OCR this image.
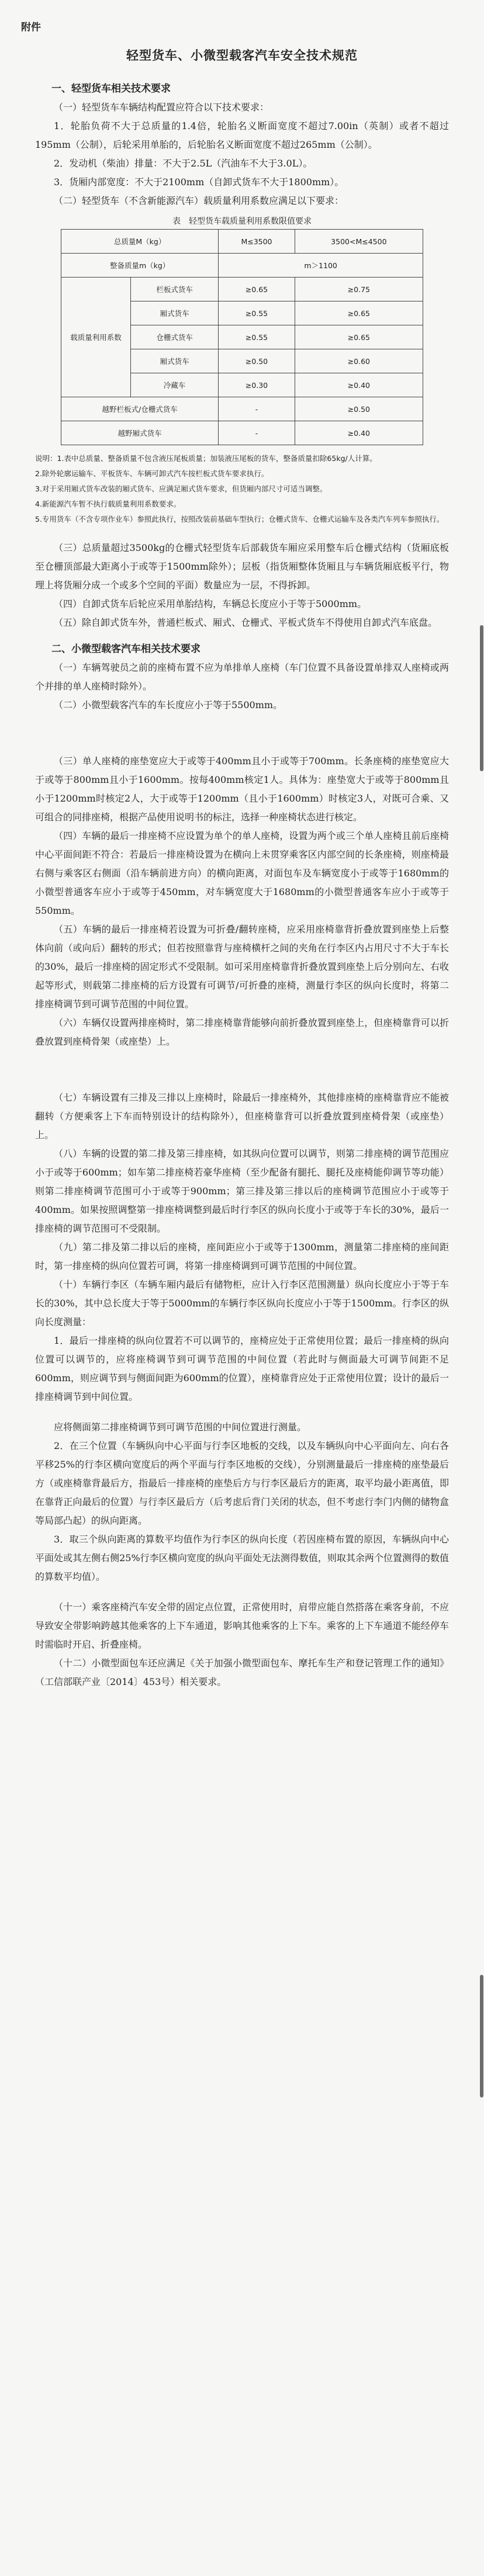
附件
轻型货车、小微型载客汽车安全技术规范
一、轻型货车相关技术要求

（一）轻型货车车辆结构配置应符合以下技术要求：

1．轮胎负荷不大于总质量的1.4倍，轮胎名义断面宽度不超过7.00in（英制）或者不超过195mm（公制），后轮采用单胎的，后轮胎名义断面宽度不超过265mm（公制）。

2．发动机（柴油）排量：不大于2.5L（汽油车不大于3.0L）。

3．货厢内部宽度：不大于2100mm（自卸式货车不大于1800mm）。

（二）轻型货车（不含新能源汽车）载质量利用系数应满足以下要求：

表　轻型货车载质量利用系数限值要求
总质量M（kg）		M≤3500	3500<M≤4500
整备质量m（kg）		m＞1100	
载质量利用系数	栏板式货车	≥0.65	≥0.75
	厢式货车	≥0.55	≥0.65
	仓栅式货车	≥0.55	≥0.65
	厢式货车	≥0.50	≥0.60
	冷藏车	≥0.30	≥0.40
越野栏板式/仓栅式货车		-	≥0.50
越野厢式货车		-	≥0.40
说明：1.表中总质量、整备质量不包含液压尾板质量；加装液压尾板的货车，整备质量扣除65kg/人计算。
2.除外轮廓运输车、平板货车、车辆可卸式汽车按栏板式货车要求执行。
3.对于采用厢式货车改装的厢式货车、应满足厢式货车要求，但货厢内部尺寸可适当调整。
4.新能源汽车暂不执行载质量利用系数要求。
5.专用货车（不含专项作业车）参照此执行，按照改装前基础车型执行；仓栅式货车、仓栅式运输车及各类汽车列车参照执行。

（三）总质量超过3500kg的仓栅式轻型货车后部载货车厢应采用整车后仓栅式结构（货厢底板至仓栅顶部最大距离小于或等于1500mm除外）；层板（指货厢整体货厢且与车辆货厢底板平行，物理上将货厢分成一个或多个空间的平面）数量应为一层，不得拆卸。

（四）自卸式货车后轮应采用单胎结构，车辆总长度应小于等于5000mm。

（五）除自卸式货车外，普通栏板式、厢式、仓栅式、平板式货车不得使用自卸式汽车底盘。

二、小微型载客汽车相关技术要求

（一）车辆驾驶员之前的座椅布置不应为单排单人座椅（车门位置不具备设置单排双人座椅或两个并排的单人座椅时除外）。

（二）小微型载客汽车的车长度应小于等于5500mm。

（三）单人座椅的座垫宽应大于或等于400mm且小于或等于700mm。长条座椅的座垫宽应大于或等于800mm且小于1600mm。按每400mm核定1人。具体为：座垫宽大于或等于800mm且小于1200mm时核定2人，大于或等于1200mm（且小于1600mm）时核定3人，对既可合乘、又可组合的同排座椅，根据产品使用说明书的标注，选择一种座椅状态进行核定。

（四）车辆的最后一排座椅不应设置为单个的单人座椅，设置为两个或三个单人座椅且前后座椅中心平面间距不符合：若最后一排座椅设置为在横向上未贯穿乘客区内部空间的长条座椅，则座椅最右侧与乘客区右侧面（沿车辆前进方向）的横向距离，对面包车及车辆宽度小于或等于1680mm的小微型普通客车应小于或等于450mm，对车辆宽度大于1680mm的小微型普通客车应小于或等于550mm。

（五）车辆的最后一排座椅若设置为可折叠/翻转座椅，应采用座椅靠背折叠放置到座垫上后整体向前（或向后）翻转的形式；但若按照靠背与座椅横杆之间的夹角在行李区内占用尺寸不大于车长的30%，最后一排座椅的固定形式不受限制。如可采用座椅靠背折叠放置到座垫上后分别向左、右收起等形式，则载第二排座椅的后方设置有可调节/可折叠的座椅，测量行李区的纵向长度时，将第二排座椅调节到可调节范围的中间位置。

（六）车辆仅设置两排座椅时，第二排座椅靠背能够向前折叠放置到座垫上，但座椅靠背可以折叠放置到座椅骨架（或座垫）上。

（七）车辆设置有三排及三排以上座椅时，除最后一排座椅外，其他排座椅的座椅靠背应不能被翻转（方便乘客上下车而特别设计的结构除外），但座椅靠背可以折叠放置到座椅骨架（或座垫）上。

（八）车辆的设置的第二排及第三排座椅，如其纵向位置可以调节，则第二排座椅的调节范围应小于或等于600mm；如车第二排座椅若豪华座椅（至少配备有腿托、腿托及座椅能仰调节等功能）则第二排座椅调节范围可小于或等于900mm；第三排及第三排以后的座椅调节范围应小于或等于400mm。如果按照调整第一排座椅调整到最后时行李区的纵向长度小于或等于车长的30%，最后一排座椅的调节范围可不受限制。

（九）第二排及第二排以后的座椅，座间距应小于或等于1300mm，测量第二排座椅的座间距时，第一排座椅的纵向位置若可调，将第一排座椅调到可调节范围的中间位置。

（十）车辆行李区（车辆车厢内最后有储物柜，应计入行李区范围测量）纵向长度应小于等于车长的30%，其中总长度大于等于5000mm的车辆行李区纵向长度应小于等于1500mm。行李区的纵向长度测量：

1．最后一排座椅的纵向位置若不可以调节的，座椅应处于正常使用位置；最后一排座椅的纵向位置可以调节的，应将座椅调节到可调节范围的中间位置（若此时与侧面最大可调节间距不足600mm，则应调节到与侧面间距为600mm的位置），座椅靠背应处于正常使用位置；设计的最后一排座椅调节到中间位置。

应将侧面第二排座椅调节到可调节范围的中间位置进行测量。

2．在三个位置（车辆纵向中心平面与行李区地板的交线，以及车辆纵向中心平面向左、向右各平移25%的行李区横向宽度后的两个平面与行李区地板的交线），分别测量最后一排座椅的座垫最后方（或座椅靠背最后方，指最后一排座椅的座垫后方与行李区最后方的距离，取平均最小距离值，即在靠背正向最后的位置）与行李区最后方（后考虑后背门关闭的状态，但不考虑行李门内侧的储物盒等局部凸起）的纵向距离。

3．取三个纵向距离的算数平均值作为行李区的纵向长度（若因座椅布置的原因，车辆纵向中心平面处或其左侧右侧25%行李区横向宽度的纵向平面处无法测得数值，则取其余两个位置测得的数值的算数平均值）。

（十一）乘客座椅汽车安全带的固定点位置，正常使用时，肩带应能自然搭落在乘客身前，不应导致安全带影响跨越其他乘客的上下车通道，影响其他乘客的上下车。乘客的上下车通道不能经停车时需临时开启、折叠座椅。

（十二）小微型面包车还应满足《关于加强小微型面包车、摩托车生产和登记管理工作的通知》（工信部联产业〔2014〕453号）相关要求。
